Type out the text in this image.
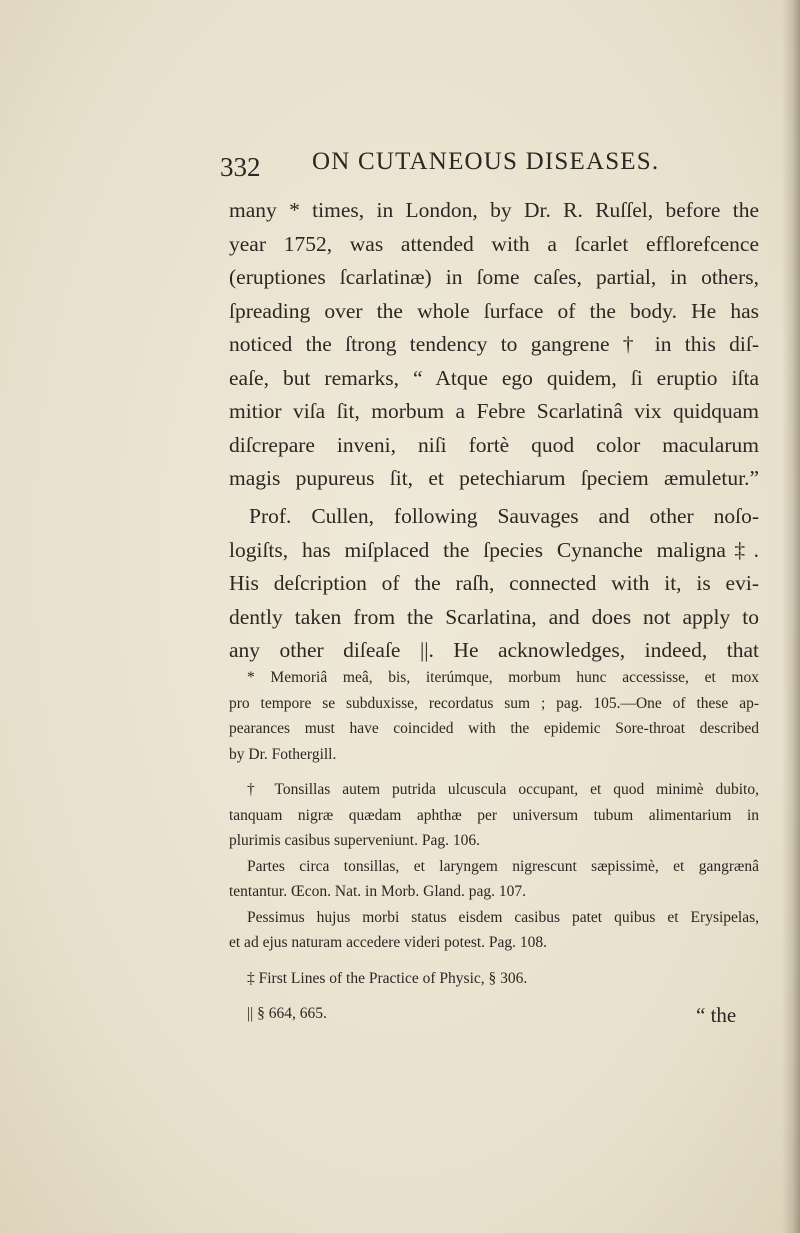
332 ON CUTANEOUS DISEASES.

many * times, in London, by Dr. R. Ruſſel, before the

year 1752, was attended with a ſcarlet efflorefcence

(eruptiones ſcarlatinæ) in ſome caſes, partial, in others,

ſpreading over the whole ſurface of the body. He has

noticed the ſtrong tendency to gangrene † in this diſ-

eaſe, but remarks, “ Atque ego quidem, ſi eruptio iſta

mitior viſa ſit, morbum a Febre Scarlatinâ vix quidquam

diſcrepare inveni, niſi fortè quod color macularum

magis pupureus ſit, et petechiarum ſpeciem æmuletur.”

Prof. Cullen, following Sauvages and other noſo-

logiſts, has miſplaced the ſpecies Cynanche maligna‡.

His deſcription of the raſh, connected with it, is evi-

dently taken from the Scarlatina, and does not apply to

any other diſeaſe ||. He acknowledges, indeed, that

* Memoriâ meâ, bis, iterúmque, morbum hunc accessisse, et mox

pro tempore se subduxisse, recordatus sum ; pag. 105.—One of these ap-

pearances must have coincided with the epidemic Sore-throat described

by Dr. Fothergill.

† Tonsillas autem putrida ulcuscula occupant, et quod minimè dubito,

tanquam nigræ quædam aphthæ per universum tubum alimentarium in

plurimis casibus superveniunt. Pag. 106.

Partes circa tonsillas, et laryngem nigrescunt sæpissimè, et gangrænâ

tentantur. Œcon. Nat. in Morb. Gland. pag. 107.

Pessimus hujus morbi status eisdem casibus patet quibus et Erysipelas,

et ad ejus naturam accedere videri potest. Pag. 108.

‡ First Lines of the Practice of Physic, § 306.

|| § 664, 665.	“ the
